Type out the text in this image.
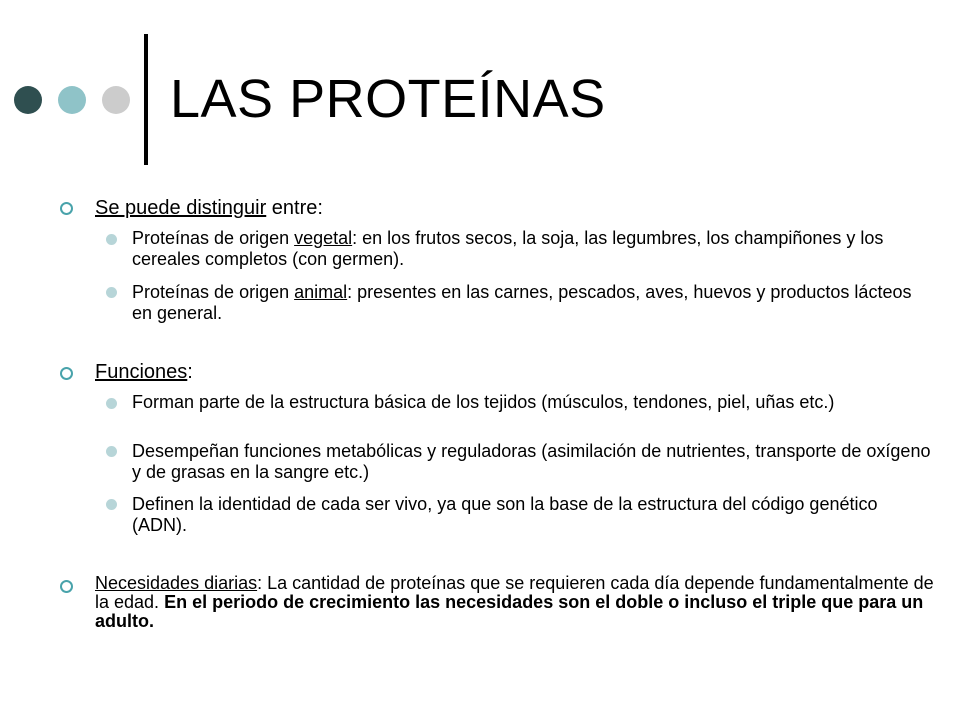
LAS PROTEÍNAS
Se puede distinguir entre:
Proteínas de origen vegetal: en los frutos secos, la soja, las legumbres, los champiñones y los cereales completos (con germen).
Proteínas de origen animal: presentes en las carnes, pescados, aves, huevos y productos lácteos en general.
Funciones:
Forman parte de la estructura básica de los tejidos (músculos, tendones, piel, uñas etc.)
Desempeñan funciones metabólicas y reguladoras (asimilación de nutrientes, transporte de oxígeno y de grasas en la sangre etc.)
Definen la identidad de cada ser vivo, ya que son la base de la estructura del código genético (ADN).
Necesidades diarias: La cantidad de proteínas que se requieren cada día depende fundamentalmente de la edad. En el periodo de crecimiento las necesidades son el doble o incluso el triple que para un adulto.
